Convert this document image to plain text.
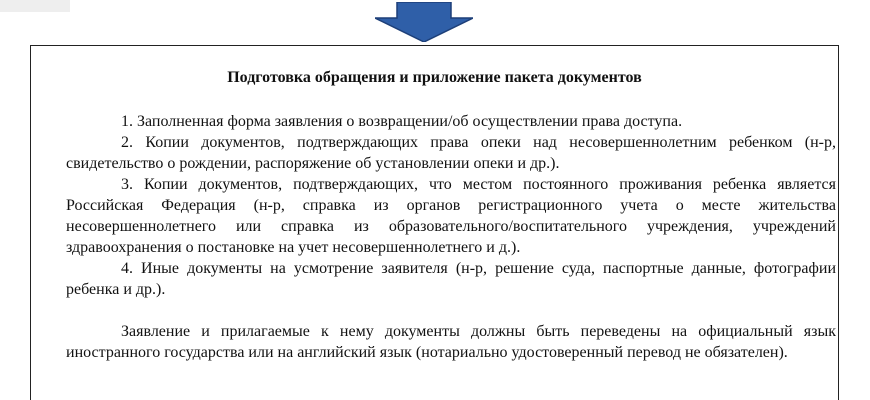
Подготовка обращения и приложение пакета документов

1. Заполненная форма заявления о возвращении/об осуществлении права доступа.

2. Копии документов, подтверждающих права опеки над несовершеннолетним ребенком (н-р, свидетельство о рождении, распоряжение об установлении опеки и др.).

3. Копии документов, подтверждающих, что местом постоянного проживания ребенка является Российская Федерация (н-р, справка из органов регистрационного учета о месте жительства несовершеннолетнего или справка из образовательного/воспитательного учреждения, учреждений здравоохранения о постановке на учет несовершеннолетнего и д.).

4. Иные документы на усмотрение заявителя (н-р, решение суда, паспортные данные, фотографии ребенка и др.).

Заявление и прилагаемые к нему документы должны быть переведены на официальный язык иностранного государства или на английский язык (нотариально удостоверенный перевод не обязателен).
